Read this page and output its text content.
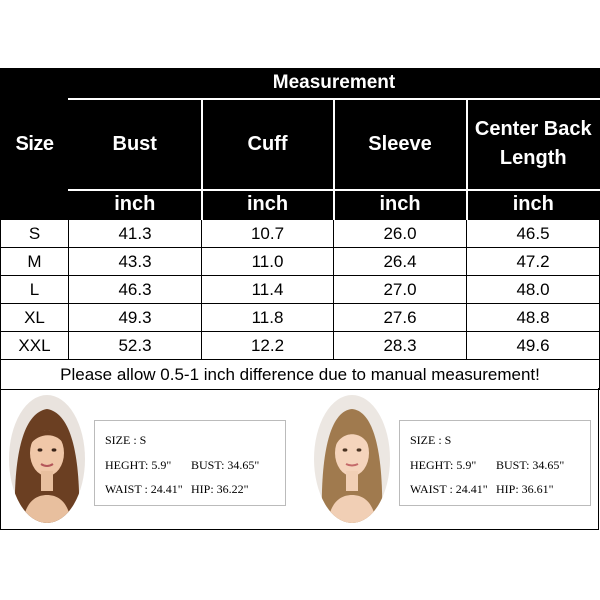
Size	Measurement			
	Bust	Cuff	Sleeve	Center Back Length
	inch	inch	inch	inch
S	41.3	10.7	26.0	46.5
M	43.3	11.0	26.4	47.2
L	46.3	11.4	27.0	48.0
XL	49.3	11.8	27.6	48.8
XXL	52.3	12.2	28.3	49.6
Please allow 0.5-1 inch difference due to manual measurement!				
SIZE : S
HEGHT: 5.9" BUST: 34.65"
WAIST : 24.41" HIP: 36.22"
SIZE : S
HEGHT: 5.9" BUST: 34.65"
WAIST : 24.41" HIP: 36.61"
